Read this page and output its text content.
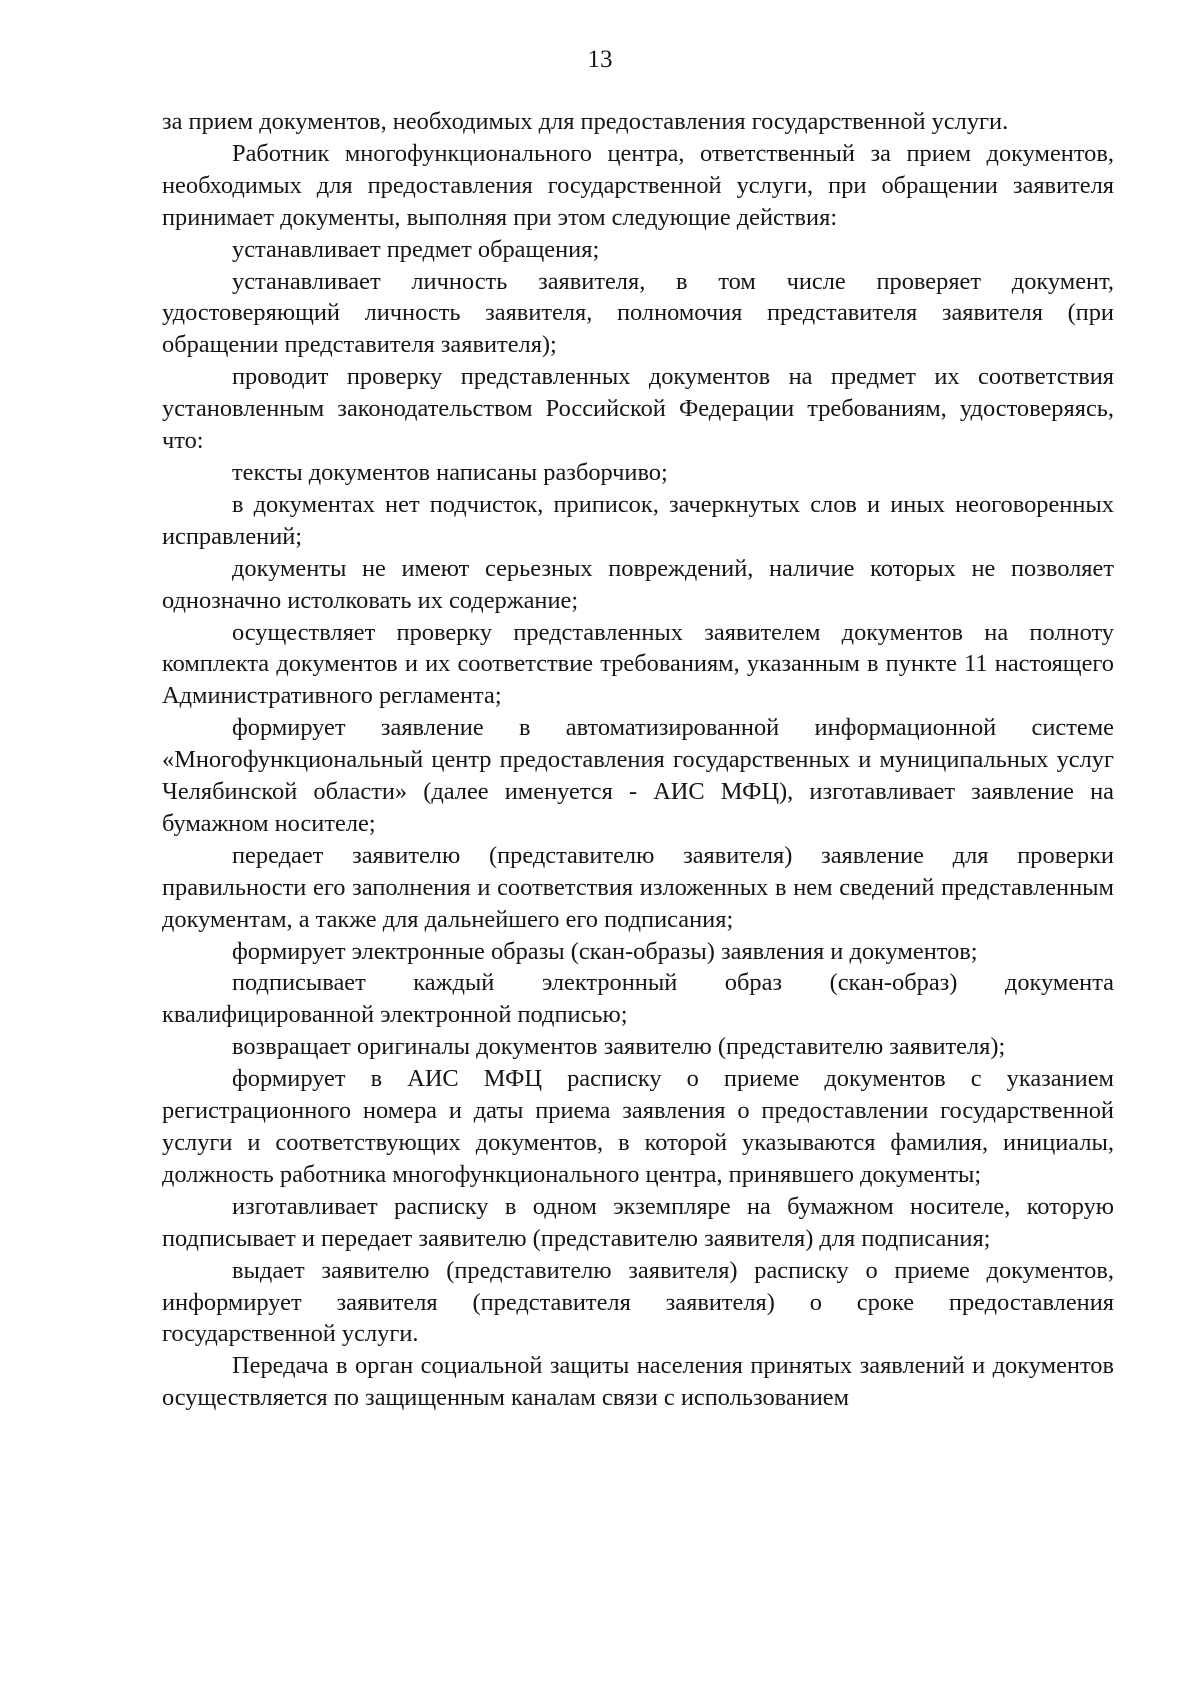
13

за прием документов, необходимых для предоставления государственной услуги.

Работник многофункционального центра, ответственный за прием документов, необходимых для предоставления государственной услуги, при обращении заявителя принимает документы, выполняя при этом следующие действия:

устанавливает предмет обращения;

устанавливает личность заявителя, в том числе проверяет документ, удостоверяющий личность заявителя, полномочия представителя заявителя (при обращении представителя заявителя);

проводит проверку представленных документов на предмет их соответствия установленным законодательством Российской Федерации требованиям, удостоверяясь, что:

тексты документов написаны разборчиво;

в документах нет подчисток, приписок, зачеркнутых слов и иных неоговоренных исправлений;

документы не имеют серьезных повреждений, наличие которых не позволяет однозначно истолковать их содержание;

осуществляет проверку представленных заявителем документов на полноту комплекта документов и их соответствие требованиям, указанным в пункте 11 настоящего Административного регламента;

формирует заявление в автоматизированной информационной системе «Многофункциональный центр предоставления государственных и муниципальных услуг Челябинской области» (далее именуется - АИС МФЦ), изготавливает заявление на бумажном носителе;

передает заявителю (представителю заявителя) заявление для проверки правильности его заполнения и соответствия изложенных в нем сведений представленным документам, а также для дальнейшего его подписания;

формирует электронные образы (скан-образы) заявления и документов;

подписывает каждый электронный образ (скан-образ) документа квалифицированной электронной подписью;

возвращает оригиналы документов заявителю (представителю заявителя);

формирует в АИС МФЦ расписку о приеме документов с указанием регистрационного номера и даты приема заявления о предоставлении государственной услуги и соответствующих документов, в которой указываются фамилия, инициалы, должность работника многофункционального центра, принявшего документы;

изготавливает расписку в одном экземпляре на бумажном носителе, которую подписывает и передает заявителю (представителю заявителя) для подписания;

выдает заявителю (представителю заявителя) расписку о приеме документов, информирует заявителя (представителя заявителя) о сроке предоставления государственной услуги.

Передача в орган социальной защиты населения принятых заявлений и документов осуществляется по защищенным каналам связи с использованием
